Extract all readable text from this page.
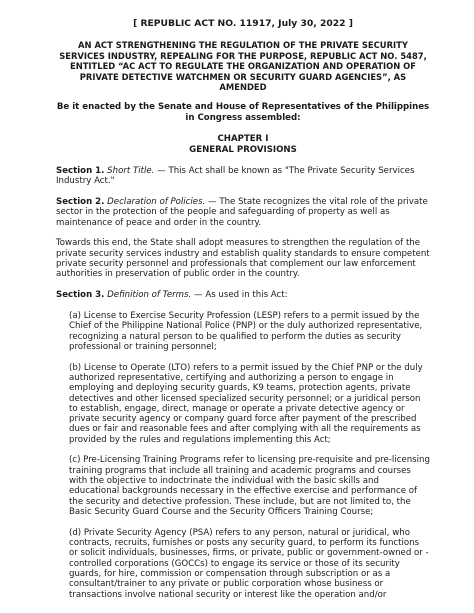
[ REPUBLIC ACT NO. 11917, July 30, 2022 ]
AN ACT STRENGTHENING THE REGULATION OF THE PRIVATE SECURITY SERVICES INDUSTRY, REPEALING FOR THE PURPOSE, REPUBLIC ACT NO. 5487, ENTITLED “AC ACT TO REGULATE THE ORGANIZATION AND OPERATION OF PRIVATE DETECTIVE WATCHMEN OR SECURITY GUARD AGENCIES”, AS AMENDED
Be it enacted by the Senate and House of Representatives of the Philippines in Congress assembled:
CHAPTER I
GENERAL PROVISIONS

Section 1. Short Title. — This Act shall be known as "The Private Security Services Industry Act."

Section 2. Declaration of Policies. — The State recognizes the vital role of the private sector in the protection of the people and safeguarding of property as well as maintenance of peace and order in the country.

Towards this end, the State shall adopt measures to strengthen the regulation of the private security services industry and establish quality standards to ensure competent private security personnel and professionals that complement our law enforcement authorities in preservation of public order in the country.

Section 3. Definition of Terms. — As used in this Act:

(a) License to Exercise Security Profession (LESP) refers to a permit issued by the Chief of the Philippine National Police (PNP) or the duly authorized representative, recognizing a natural person to be qualified to perform the duties as security professional or training personnel;

(b) License to Operate (LTO) refers to a permit issued by the Chief PNP or the duly authorized representative, certifying and authorizing a person to engage in employing and deploying security guards, K9 teams, protection agents, private detectives and other licensed specialized security personnel; or a juridical person to establish, engage, direct, manage or operate a private detective agency or private security agency or company guard force after payment of the prescribed dues or fair and reasonable fees and after complying with all the requirements as provided by the rules and regulations implementing this Act;

(c) Pre-Licensing Training Programs refer to licensing pre-requisite and pre-licensing training programs that include all training and academic programs and courses with the objective to indoctrinate the individual with the basic skills and educational backgrounds necessary in the effective exercise and performance of the security and detective profession. These include, but are not limited to, the Basic Security Guard Course and the Security Officers Training Course;

(d) Private Security Agency (PSA) refers to any person, natural or juridical, who contracts, recruits, furnishes or posts any security guard, to perform its functions or solicit individuals, businesses, firms, or private, public or government-owned or -controlled corporations (GOCCs) to engage its service or those of its security guards, for hire, commission or compensation through subscription or as a consultant/trainer to any private or public corporation whose business or transactions involve national security or interest like the operation and/or
